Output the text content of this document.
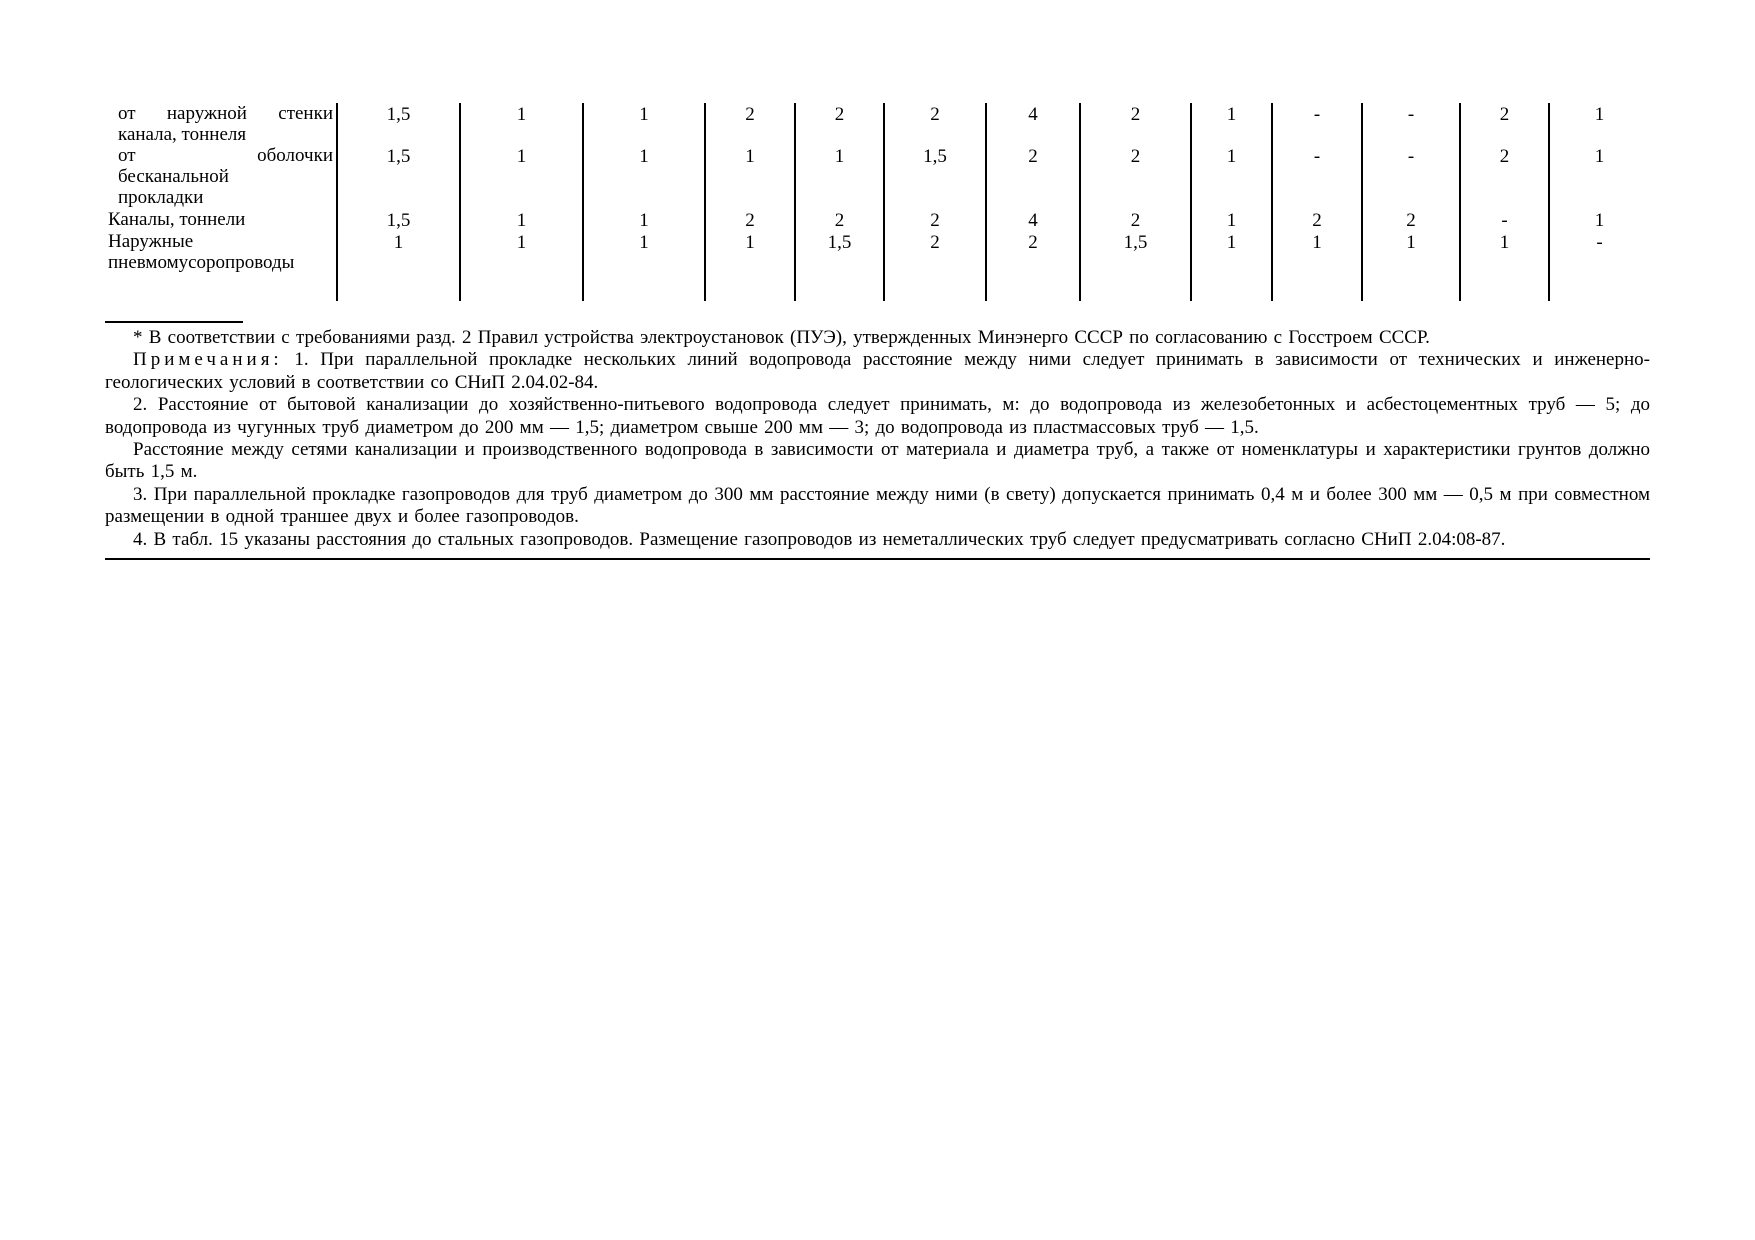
от наружной стенки
канала, тоннеля	1,5	1	1	2	2	2	4	2	1	-	-	2	1

от оболочки
бесканальной
прокладки	1,5	1	1	1	1	1,5	2	2	1	-	-	2	1

Каналы, тоннели	1,5	1	1	2	2	2	4	2	1	2	2	-	1

Наружные
пневмомусоропроводы	1	1	1	1	1,5	2	2	1,5	1	1	1	1	-

* В соответствии с требованиями разд. 2 Правил устройства электроустановок (ПУЭ), утвержденных Минэнерго СССР по согласованию с Госстроем СССР.

Примечания: 1. При параллельной прокладке нескольких линий водопровода расстояние между ними следует принимать в зависимости от технических и инженерно-геологических условий в соответствии со СНиП 2.04.02-84.

2. Расстояние от бытовой канализации до хозяйственно-питьевого водопровода следует принимать, м: до водопровода из железобетонных и асбестоцементных труб — 5; до водопровода из чугунных труб диаметром до 200 мм — 1,5; диаметром свыше 200 мм — 3; до водопровода из пластмассовых труб — 1,5.

Расстояние между сетями канализации и производственного водопровода в зависимости от материала и диаметра труб, а также от номенклатуры и характеристики грунтов должно быть 1,5 м.

3. При параллельной прокладке газопроводов для труб диаметром до 300 мм расстояние между ними (в свету) допускается принимать 0,4 м и более 300 мм — 0,5 м при совместном размещении в одной траншее двух и более газопроводов.

4. В табл. 15 указаны расстояния до стальных газопроводов. Размещение газопроводов из неметаллических труб следует предусматривать согласно СНиП 2.04:08-87.
